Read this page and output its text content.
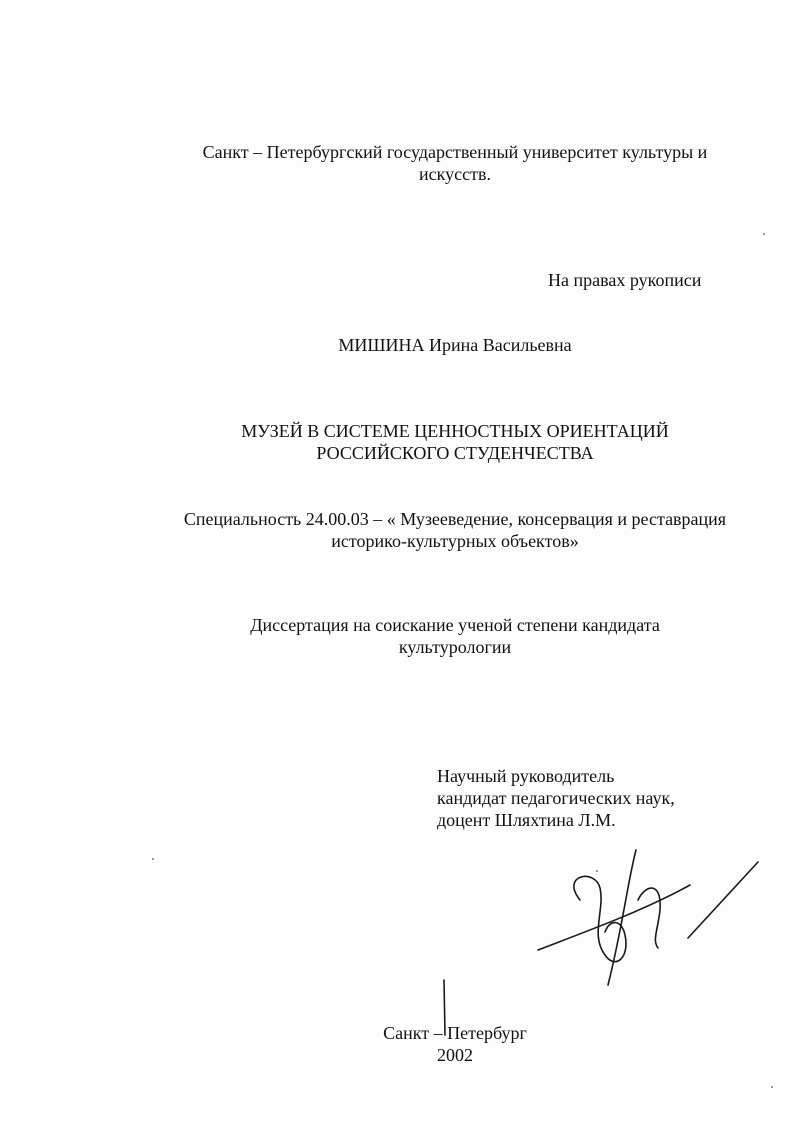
Санкт – Петербургский государственный университет культуры и
искусств.
На правах рукописи
МИШИНА Ирина Васильевна
МУЗЕЙ В СИСТЕМЕ ЦЕННОСТНЫХ ОРИЕНТАЦИЙ
РОССИЙСКОГО СТУДЕНЧЕСТВА
Специальность 24.00.03 – « Музееведение, консервация и реставрация
историко-культурных объектов»
Диссертация на соискание ученой степени кандидата
культурологии
Научный руководитель
кандидат педагогических наук,
доцент Шляхтина Л.М.
Санкт – Петербург
2002
